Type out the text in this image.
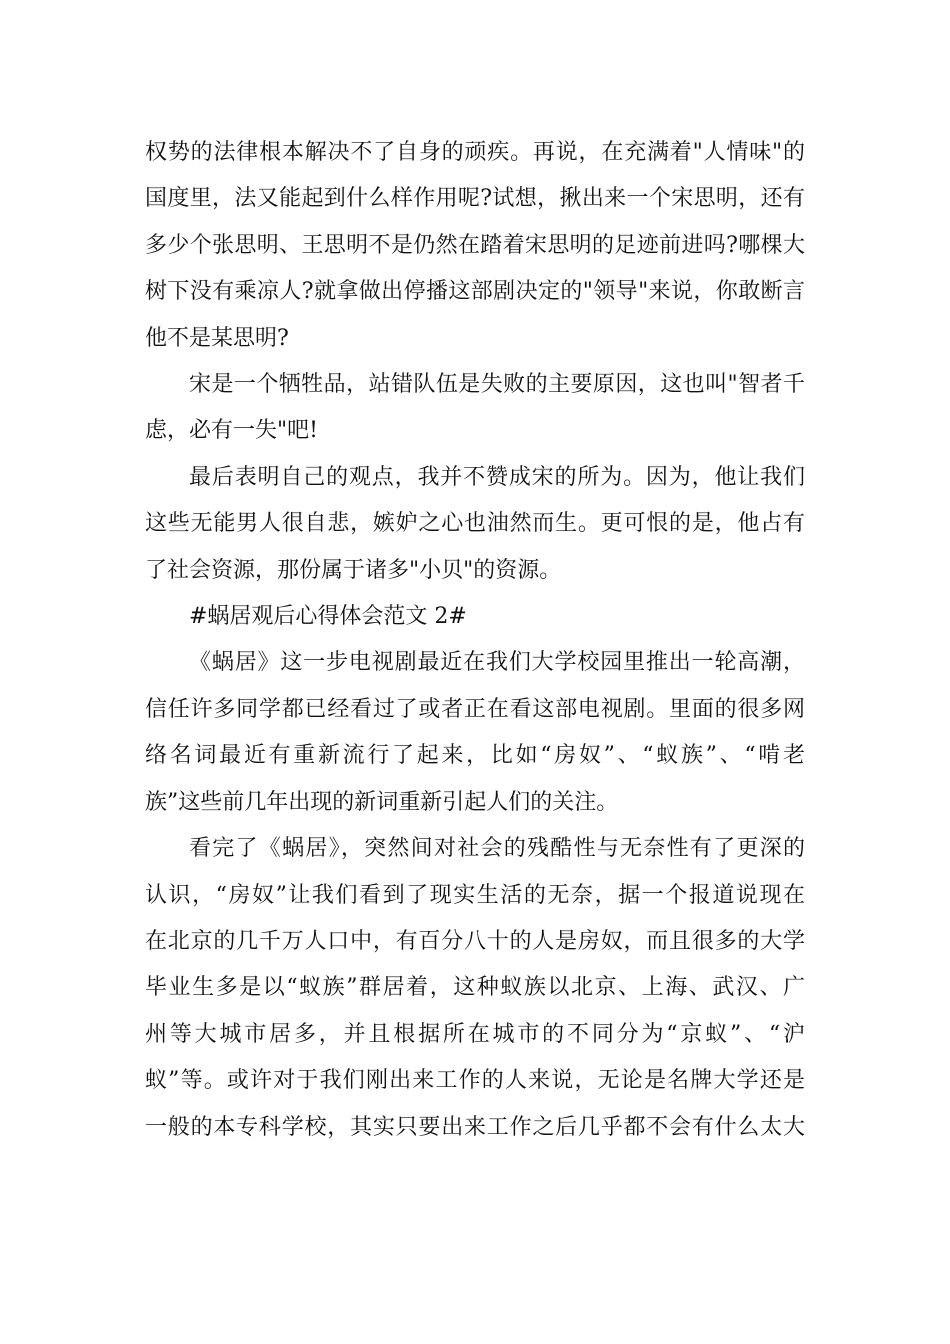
权势的法律根本解决不了自身的顽疾。再说，在充满着"人情味"的
国度里，法又能起到什么样作用呢?试想，揪出来一个宋思明，还有
多少个张思明、王思明不是仍然在踏着宋思明的足迹前进吗?哪棵大
树下没有乘凉人?就拿做出停播这部剧决定的"领导"来说，你敢断言
他不是某思明?
宋是一个牺牲品，站错队伍是失败的主要原因，这也叫"智者千
虑，必有一失"吧!
最后表明自己的观点，我并不赞成宋的所为。因为，他让我们
这些无能男人很自悲，嫉妒之心也油然而生。更可恨的是，他占有
了社会资源，那份属于诸多"小贝"的资源。
#蜗居观后心得体会范文 2#
《蜗居》这一步电视剧最近在我们大学校园里推出一轮高潮，
信任许多同学都已经看过了或者正在看这部电视剧。里面的很多网
络名词最近有重新流行了起来，比如“房奴”、“蚁族”、“啃老
族”这些前几年出现的新词重新引起人们的关注。
看完了《蜗居》，突然间对社会的残酷性与无奈性有了更深的
认识，“房奴”让我们看到了现实生活的无奈，据一个报道说现在
在北京的几千万人口中，有百分八十的人是房奴，而且很多的大学
毕业生多是以“蚁族”群居着，这种蚁族以北京、上海、武汉、广
州等大城市居多，并且根据所在城市的不同分为“京蚁”、“沪
蚁”等。或许对于我们刚出来工作的人来说，无论是名牌大学还是
一般的本专科学校，其实只要出来工作之后几乎都不会有什么太大
